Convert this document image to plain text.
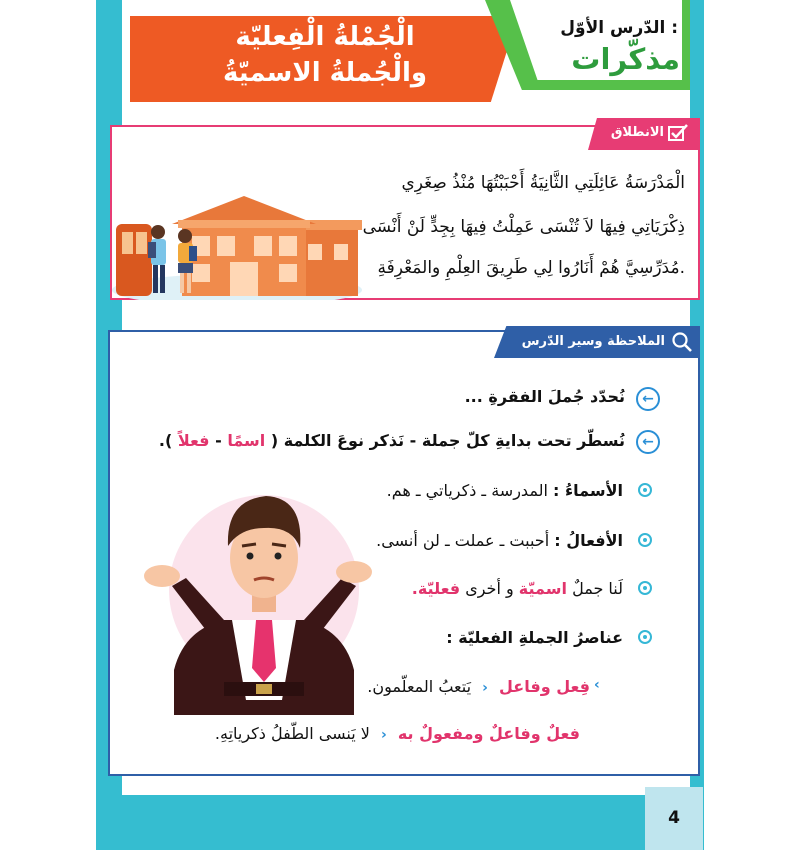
4
الْجُمْلةُ الْفِعليّة
والْجُملةُ الاسميّةُ
الدّرس الأوّل :
مذكّرات
الانطلاق
الْمَدْرَسَةُ عَائِلَتِي الثَّانِيَةُ أَحْبَبْتُهَا مُنْذُ صِغَرِي
ذِكْرَيَاتِي فِيهَا لاَ تُنْسَى عَمِلْتُ فِيهَا بِجِدٍّ لَنْ أَنْسَى
مُدَرِّسِيَّ هُمْ أَنَارُوا لِي طَرِيقَ العِلْمِ والمَعْرِفَةِ.
الملاحظة وسير الدّرس
←
نُحدّد جُملَ الفقرةِ ...
←
نُسطّر تحت بدايةِ كلّ جملة - نَذكر نوعَ الكلمة ( اسمًا - فعلاً ).
الأسماءُ : المدرسة ـ ذكرياتي ـ هم.
الأفعالُ : أحببت ـ عملت ـ لن أنسى.
لَنا جملٌ اسميّة و أخرى فعليّة.
عناصرُ الجملةِ الفعليّة :
‹
فِعل وفاعل ‹ يَتعبُ المعلّمون.
فعلٌ وفاعلٌ ومفعولٌ به ‹ لا يَنسى الطّفلُ ذكرياتِهِ.
